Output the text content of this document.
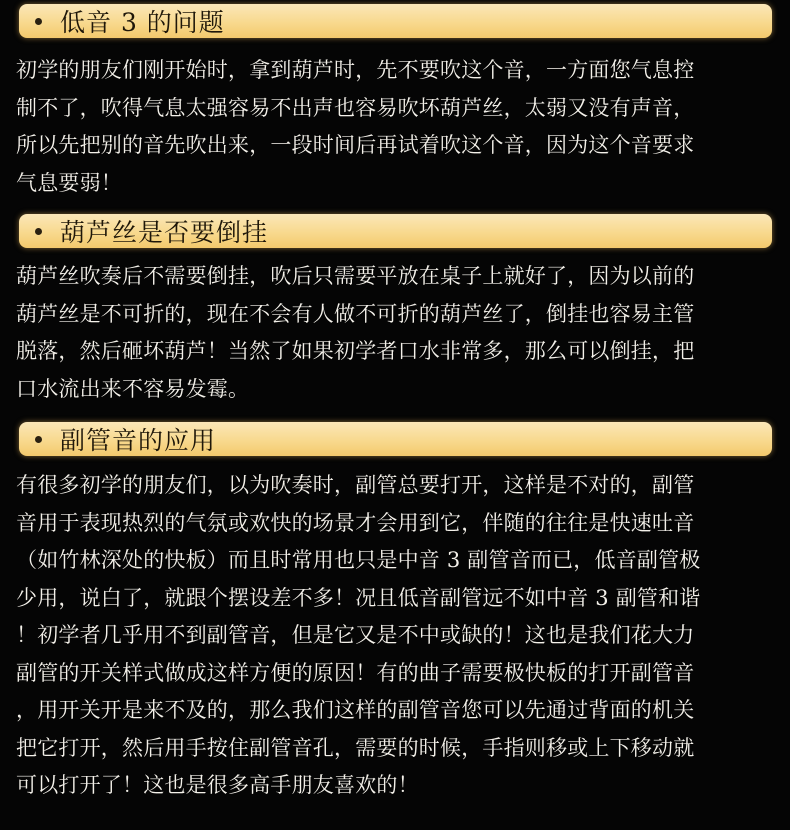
低音 3 的问题
初学的朋友们刚开始时，拿到葫芦时，先不要吹这个音，一方面您气息控
制不了，吹得气息太强容易不出声也容易吹坏葫芦丝，太弱又没有声音，
所以先把别的音先吹出来，一段时间后再试着吹这个音，因为这个音要求
气息要弱！
葫芦丝是否要倒挂
葫芦丝吹奏后不需要倒挂，吹后只需要平放在桌子上就好了，因为以前的
葫芦丝是不可折的，现在不会有人做不可折的葫芦丝了，倒挂也容易主管
脱落，然后砸坏葫芦！当然了如果初学者口水非常多，那么可以倒挂，把
口水流出来不容易发霉。
副管音的应用
有很多初学的朋友们，以为吹奏时，副管总要打开，这样是不对的，副管
音用于表现热烈的气氛或欢快的场景才会用到它，伴随的往往是快速吐音
（如竹林深处的快板）而且时常用也只是中音 3 副管音而已，低音副管极
少用，说白了，就跟个摆设差不多！况且低音副管远不如中音 3 副管和谐
！初学者几乎用不到副管音，但是它又是不中或缺的！这也是我们花大力
副管的开关样式做成这样方便的原因！有的曲子需要极快板的打开副管音
，用开关开是来不及的，那么我们这样的副管音您可以先通过背面的机关
把它打开，然后用手按住副管音孔，需要的时候，手指则移或上下移动就
可以打开了！这也是很多高手朋友喜欢的！
